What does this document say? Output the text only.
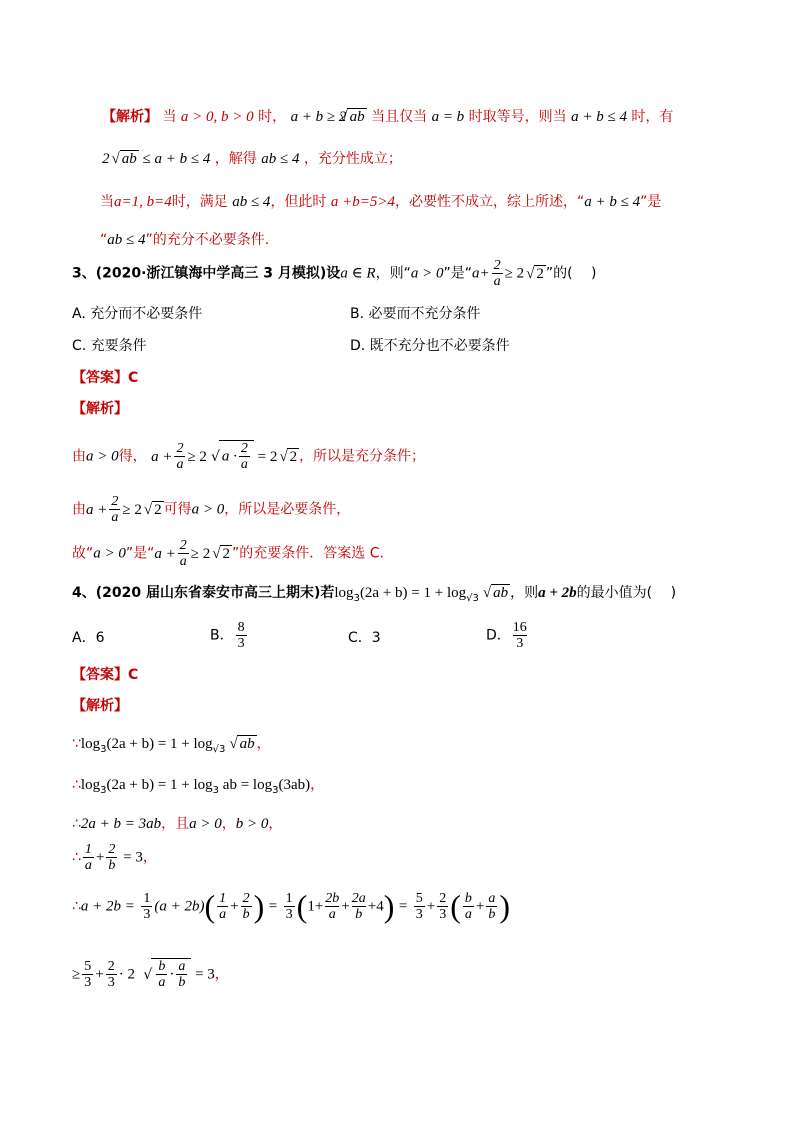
【解析】 当 a > 0, b > 0 时， a + b ≥ 2√ ab 当且仅当 a = b 时取等号，则当 a + b ≤ 4 时，有
2√ ab ≤ a + b ≤ 4 ，解得 ab ≤ 4 ，充分性成立；
当a=1, b=4时，满足 ab ≤ 4，但此时 a +b=5>4，必要性不成立，综上所述，“a + b ≤ 4”是
“ab ≤ 4”的充分不必要条件.
3、(2020·浙江镇海中学高三 3 月模拟)设a ∈ R，则“a > 0”是“$a+ \frac{2}{a} \ge 2√$ 2 ”的(　 )
A. 充分而不必要条件	B. 必要而不充分条件
C. 充要条件	D. 既不充分也不必要条件
【答案】C
【解析】
由a > 0得， $a + \frac{2}{a} \ge 2√$ $a \cdot \frac{2}{a} = 2√$ 2 ，所以是充分条件；
由$a + \frac{2}{a} \ge 2√$ 2 可得a > 0，所以是必要条件，
故“a > 0”是“$a + \frac{2}{a} \ge 2√$ 2 ”的充要条件．答案选 C.
4、(2020 届山东省泰安市高三上期末)若$\log_3(2a + b) = 1 + \log_{√3}√$ ab ，则a + 2b的最小值为(　 )
A．6	B． $\frac{8}{3}$	C．3	D． $\frac{16}{3}$
【答案】C
【解析】
$\because\log_3(2a + b) = 1 + \log_{√3}√$ ab ，
$\therefore\log_3(2a + b) = 1 + \log_3$ ab = $\log_3(3ab)$，
∴2a + b = 3ab，且a > 0，b > 0，
∴ $\frac{1}{a} + \frac{2}{b} = 3$，
∴a + $2b = \frac{1}{3} (a + 2b)( \frac{1}{a} + \frac{2}{b}$ ) = $\frac{1}{3} (1+ \frac{2b}{a} + \frac{2a}{b} +4) = \frac{5}{3} + \frac{2}{3}$ ( $\frac{b}{a} + \frac{a}{b}$ )
≥ $\frac{5}{3} + \frac{2}{3} \cdot 2$
√ $\frac{b}{a} \cdot \frac{a}{b} = 3$，
